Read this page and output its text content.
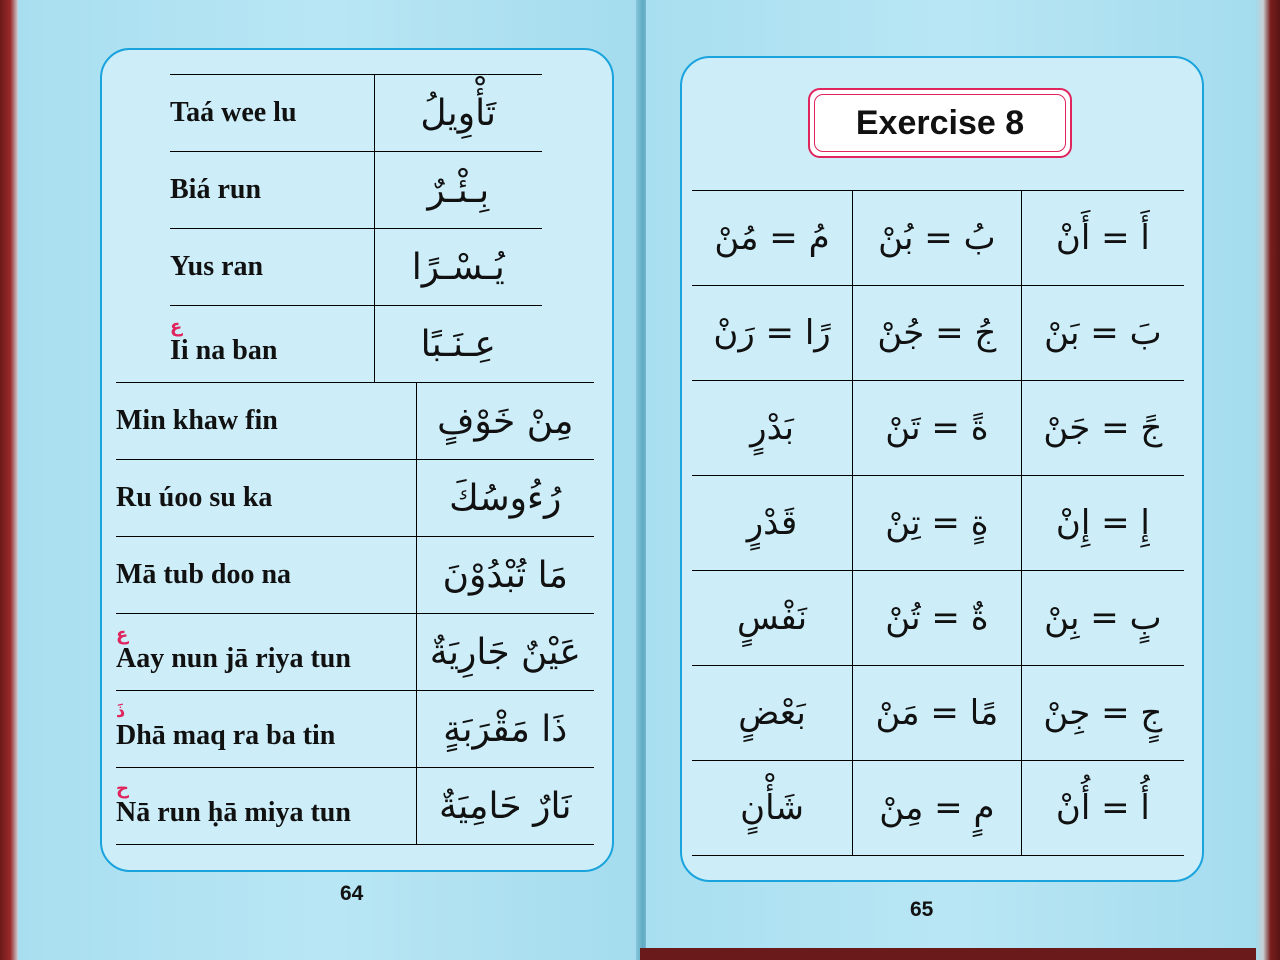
Taá wee lu	تَأْوِيلُ
Biá run	بِـئْـرٌ
Yus ran	يُـسْـرًا

ع
Ii na ban	عِـنَـبًا
Min khaw fin	مِنْ خَوْفٍ
Ru úoo su ka	رُءُوسُكَ
Mā tub doo na	مَا تُبْدُوْنَ

ع
Aay nun jā riya tun	عَيْنٌ جَارِيَةٌ

ذَ
Dhā maq ra ba tin	ذَا مَقْرَبَةٍ

ح
Nā run ḥā miya tun	نَارٌ حَامِيَةٌ
64
Exercise 8
مُ = مُنْ	بُ = بُنْ	أَ = أَنْ
رًا = رَنْ	جُ = جُنْ	بَ = بَنْ
بَدْرٍ	ةً = تَنْ	جً = جَنْ
قَدْرٍ	ةٍ = تِنْ	إِ = إِنْ
نَفْسٍ	ةٌ = تُنْ	بٍ = بِنْ
بَعْضٍ	مًا = مَنْ	جٍ = جِنْ
شَأْنٍ	مٍ = مِنْ	أُ = أُنْ
65
